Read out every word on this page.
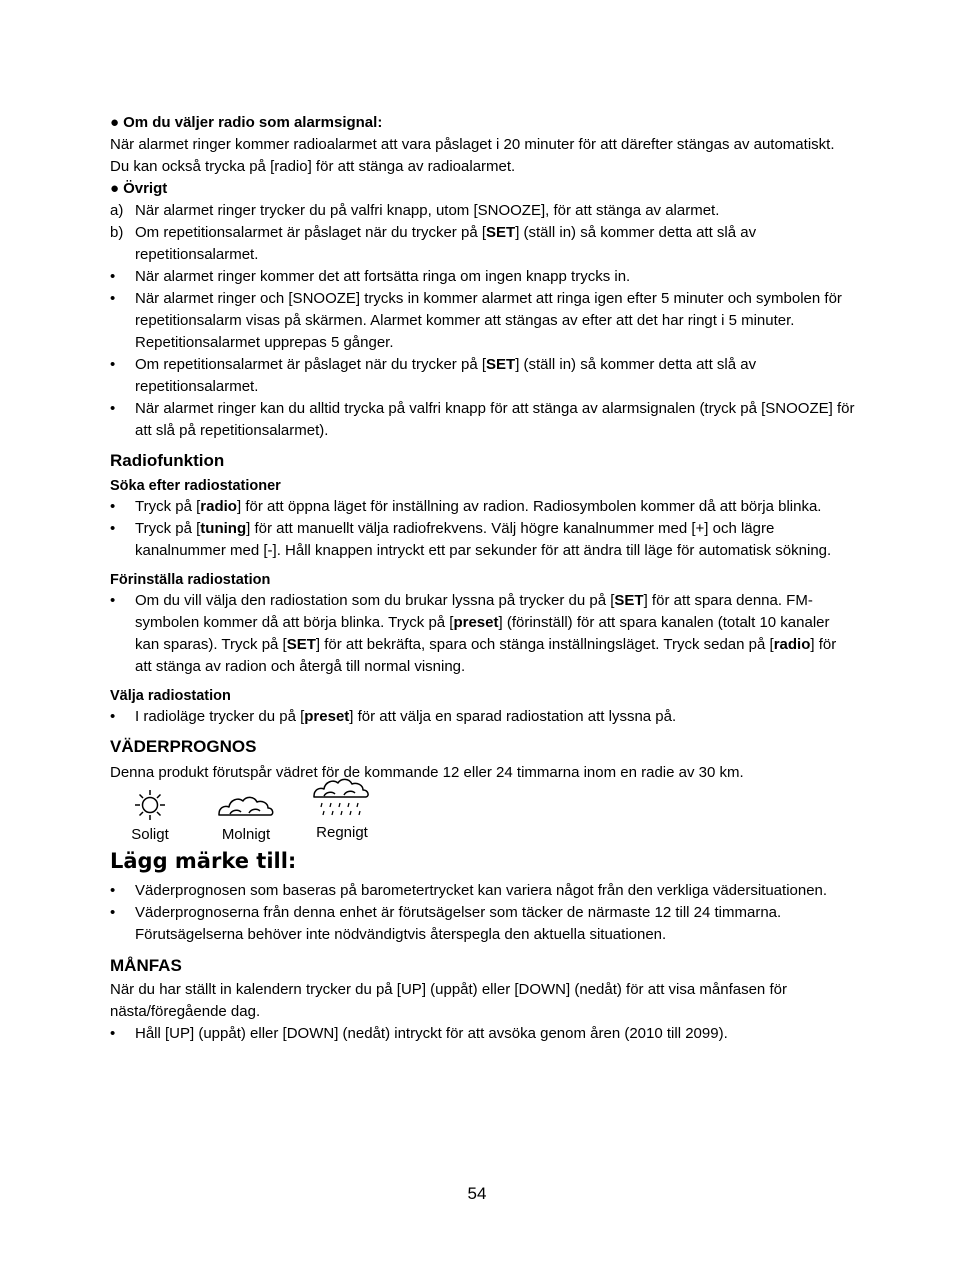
● Om du väljer radio som alarmsignal:

När alarmet ringer kommer radioalarmet att vara påslaget i 20 minuter för att därefter stängas av automatiskt. Du kan också trycka på [radio] för att stänga av radioalarmet.

● Övrigt

a) När alarmet ringer trycker du på valfri knapp, utom [SNOOZE], för att stänga av alarmet.
b) Om repetitionsalarmet är påslaget när du trycker på [SET] (ställ in) så kommer detta att slå av repetitionsalarmet.
• När alarmet ringer kommer det att fortsätta ringa om ingen knapp trycks in.
• När alarmet ringer och [SNOOZE] trycks in kommer alarmet att ringa igen efter 5 minuter och symbolen för repetitionsalarm visas på skärmen. Alarmet kommer att stängas av efter att det har ringt i 5 minuter. Repetitionsalarmet upprepas 5 gånger.
• Om repetitionsalarmet är påslaget när du trycker på [SET] (ställ in) så kommer detta att slå av repetitionsalarmet.
• När alarmet ringer kan du alltid trycka på valfri knapp för att stänga av alarmsignalen (tryck på [SNOOZE] för att slå på repetitionsalarmet).

Radiofunktion

Söka efter radiostationer

• Tryck på [radio] för att öppna läget för inställning av radion. Radiosymbolen kommer då att börja blinka.
• Tryck på [tuning] för att manuellt välja radiofrekvens. Välj högre kanalnummer med [+] och lägre kanalnummer med [-]. Håll knappen intryckt ett par sekunder för att ändra till läge för automatisk sökning.

Förinställa radiostation

• Om du vill välja den radiostation som du brukar lyssna på trycker du på [SET] för att spara denna. FM-symbolen kommer då att börja blinka. Tryck på [preset] (förinställ) för att spara kanalen (totalt 10 kanaler kan sparas). Tryck på [SET] för att bekräfta, spara och stänga inställningsläget. Tryck sedan på [radio] för att stänga av radion och återgå till normal visning.

Välja radiostation

• I radioläge trycker du på [preset] för att välja en sparad radiostation att lyssna på.

VÄDERPROGNOS

Denna produkt förutspår vädret för de kommande 12 eller 24 timmarna inom en radie av 30 km.

Soligt	Molnigt	Regnigt

Lägg märke till:

• Väderprognosen som baseras på barometertrycket kan variera något från den verkliga vädersituationen.
• Väderprognoserna från denna enhet är förutsägelser som täcker de närmaste 12 till 24 timmarna. Förutsägelserna behöver inte nödvändigtvis återspegla den aktuella situationen.

MÅNFAS

När du har ställt in kalendern trycker du på [UP] (uppåt) eller [DOWN] (nedåt) för att visa månfasen för nästa/föregående dag.

• Håll [UP] (uppåt) eller [DOWN] (nedåt) intryckt för att avsöka genom åren (2010 till 2099).
54
